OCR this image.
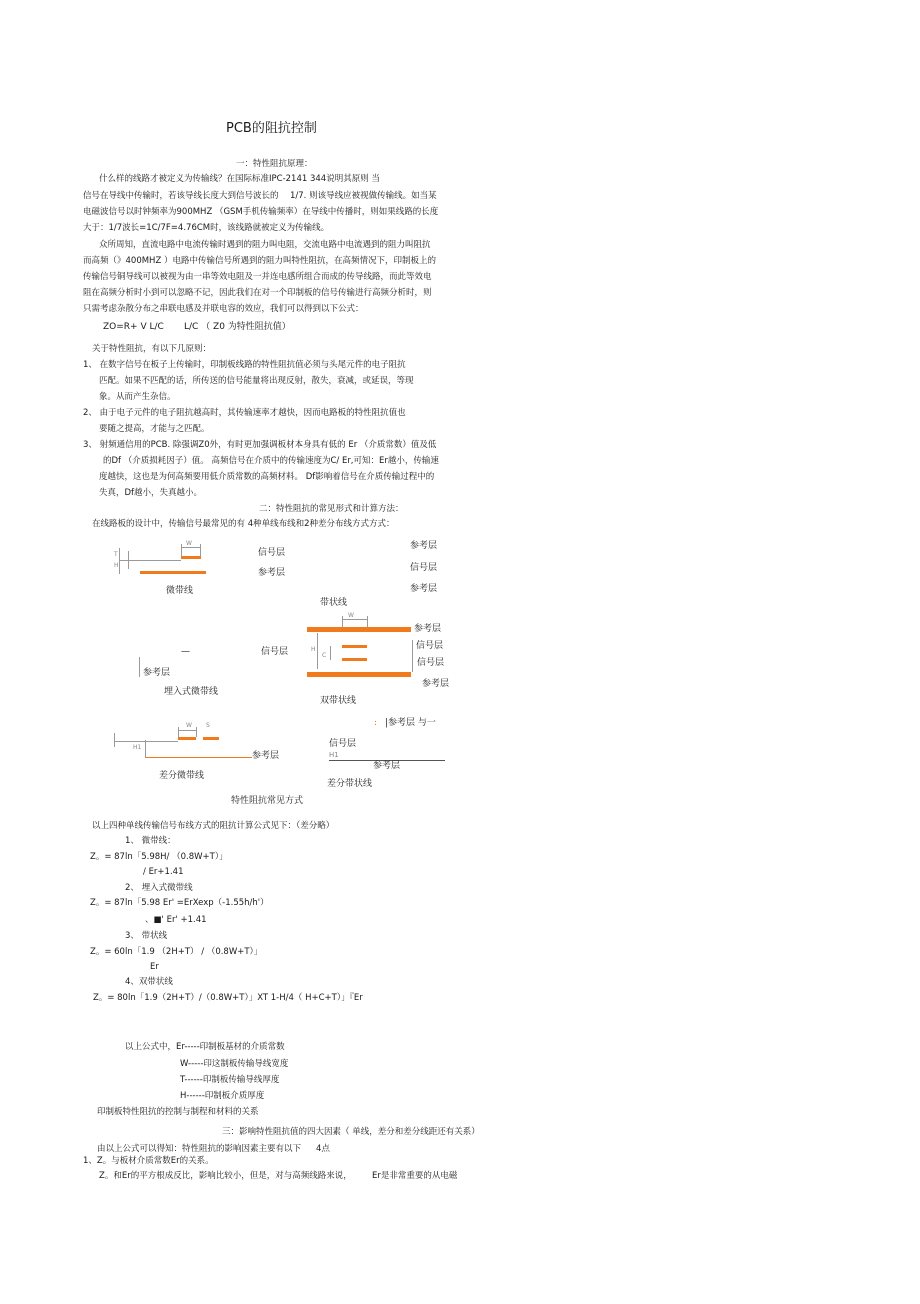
PCB的阻抗控制
一：特性阻抗原理：
什么样的线路才被定义为传输线？在国际标准IPC-2141 344说明其原则 当
信号在导线中传输时，若该导线长度大到信号波长的 1/7. 则该导线应被视做传输线。如当某
电磁波信号以时钟频率为900MHZ （GSM手机传输频率）在导线中传播时，则如果线路的长度
大于：1/7波长=1C/7F=4.76CM时，该线路就被定义为传输线。
众所周知，直流电路中电流传输时遇到的阻力叫电阻，交流电路中电流遇到的阻力叫阻抗
而高频（》400MHZ ）电路中传输信号所遇到的阻力叫特性阻抗，在高频情况下，印制板上的
传输信号铜导线可以被视为由一串等效电阻及一并连电感所组合而成的传导线路，而此等效电
阻在高频分析时小到可以忽略不记，因此我们在对一个印制板的信号传输进行高频分析时，则
只需考虑杂散分布之串联电感及并联电容的效应，我们可以得到以下公式：
ZO=R+ V L/C L/C （ Z0 为特性阻抗值）
关于特性阻抗，有以下几原则：
1、 在数字信号在板子上传输时，印制板线路的特性阻抗值必须与头尾元件的电子阻抗
匹配。如果不匹配的话，所传送的信号能量将出现反射，散失，衰减，或延误，等现
象。从而产生杂信。
2、 由于电子元件的电子阻抗越高时，其传输速率才越快，因而电路板的特性阻抗值也
要随之提高，才能与之匹配。
3、 射频通信用的PCB. 除强调Z0外，有时更加强调板材本身具有低的 Er （介质常数）值及低
的Df （介质损耗因子）值。 高频信号在介质中的传输速度为C/ Er,可知：Er越小，传输速
度越快，这也是为何高频要用低介质常数的高频材料。 Df影响着信号在介质传输过程中的
失真，Df越小，失真越小。
二：特性阻抗的常见形式和计算方法：
在线路板的设计中，传输信号最常见的有 4种单线布线和2种差分布线方式方式：
T
H
W
信号层
参考层
微带线
参考层
信号层
参考层
带状线
W
H
C
参考层
信号层
信号层
参考层
双带状线
—	信号层
参考层
埋入式微带线
W S
H1
参考层
差分微带线
: |参考层 与一
信号层
H1
参考层
差分带状线
特性阻抗常见方式
以上四种单线传输信号布线方式的阻抗计算公式见下：（差分略）
1、 微带线：
Z。= 87ln「5.98H/ （0.8W+T）」
/ Er+1.41
2、 埋入式微带线
Z。= 87ln「5.98 Er' =ErXexp（-1.55h/h'）
、■' Er' +1.41
3、 带状线
Z。= 60ln「1.9 （2H+T） / （0.8W+T）」
Er
4、双带状线
Z。= 80ln「1.9（2H+T）/（0.8W+T）」XT 1-H/4（ H+C+T）」『Er
以上公式中，Er-----印制板基材的介质常数
W-----印这制板传输导线宽度
T------印制板传输导线厚度
H------印制板介质厚度
印制板特性阻抗的控制与制程和材料的关系
三：影响特性阻抗值的四大因素（ 单线，差分和差分线距还有关系）
由以上公式可以得知：特性阻抗的影响因素主要有以下 4点
1、Z。与板材介质常数Er的关系。
Z。和Er的平方根成反比，影响比较小，但是，对与高频线路来说， Er是非常重要的从电磁
